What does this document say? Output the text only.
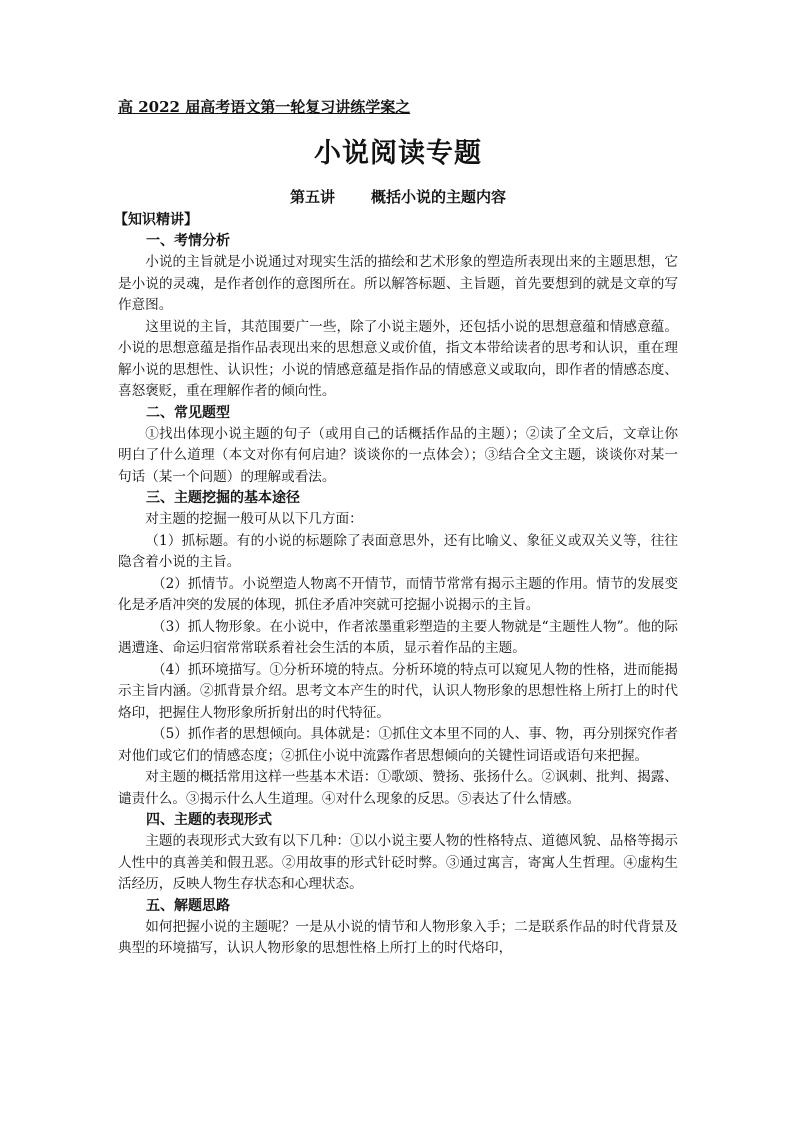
高 2022 届高考语文第一轮复习讲练学案之
小说阅读专题
第五讲 概括小说的主题内容
【知识精讲】
一、考情分析

小说的主旨就是小说通过对现实生活的描绘和艺术形象的塑造所表现出来的主题思想，它是小说的灵魂，是作者创作的意图所在。所以解答标题、主旨题，首先要想到的就是文章的写作意图。

这里说的主旨，其范围要广一些，除了小说主题外，还包括小说的思想意蕴和情感意蕴。小说的思想意蕴是指作品表现出来的思想意义或价值，指文本带给读者的思考和认识，重在理解小说的思想性、认识性；小说的情感意蕴是指作品的情感意义或取向，即作者的情感态度、喜怒褒贬，重在理解作者的倾向性。

二、常见题型

①找出体现小说主题的句子（或用自己的话概括作品的主题）；②读了全文后，文章让你明白了什么道理（本文对你有何启迪？谈谈你的一点体会）；③结合全文主题，谈谈你对某一句话（某一个问题）的理解或看法。

三、主题挖掘的基本途径

对主题的挖掘一般可从以下几方面：

（1）抓标题。有的小说的标题除了表面意思外，还有比喻义、象征义或双关义等，往往隐含着小说的主旨。

（2）抓情节。小说塑造人物离不开情节，而情节常常有揭示主题的作用。情节的发展变化是矛盾冲突的发展的体现，抓住矛盾冲突就可挖掘小说揭示的主旨。

（3）抓人物形象。在小说中，作者浓墨重彩塑造的主要人物就是“主题性人物”。他的际遇遭逢、命运归宿常常联系着社会生活的本质，显示着作品的主题。

（4）抓环境描写。①分析环境的特点。分析环境的特点可以窥见人物的性格，进而能揭示主旨内涵。②抓背景介绍。思考文本产生的时代，认识人物形象的思想性格上所打上的时代烙印，把握住人物形象所折射出的时代特征。

（5）抓作者的思想倾向。具体就是：①抓住文本里不同的人、事、物，再分别探究作者对他们或它们的情感态度；②抓住小说中流露作者思想倾向的关键性词语或语句来把握。

对主题的概括常用这样一些基本术语：①歌颂、赞扬、张扬什么。②讽刺、批判、揭露、谴责什么。③揭示什么人生道理。④对什么现象的反思。⑤表达了什么情感。

四、主题的表现形式

主题的表现形式大致有以下几种：①以小说主要人物的性格特点、道德风貌、品格等揭示人性中的真善美和假丑恶。②用故事的形式针砭时弊。③通过寓言，寄寓人生哲理。④虚构生活经历，反映人物生存状态和心理状态。

五、解题思路

如何把握小说的主题呢？一是从小说的情节和人物形象入手；二是联系作品的时代背景及典型的环境描写，认识人物形象的思想性格上所打上的时代烙印，
